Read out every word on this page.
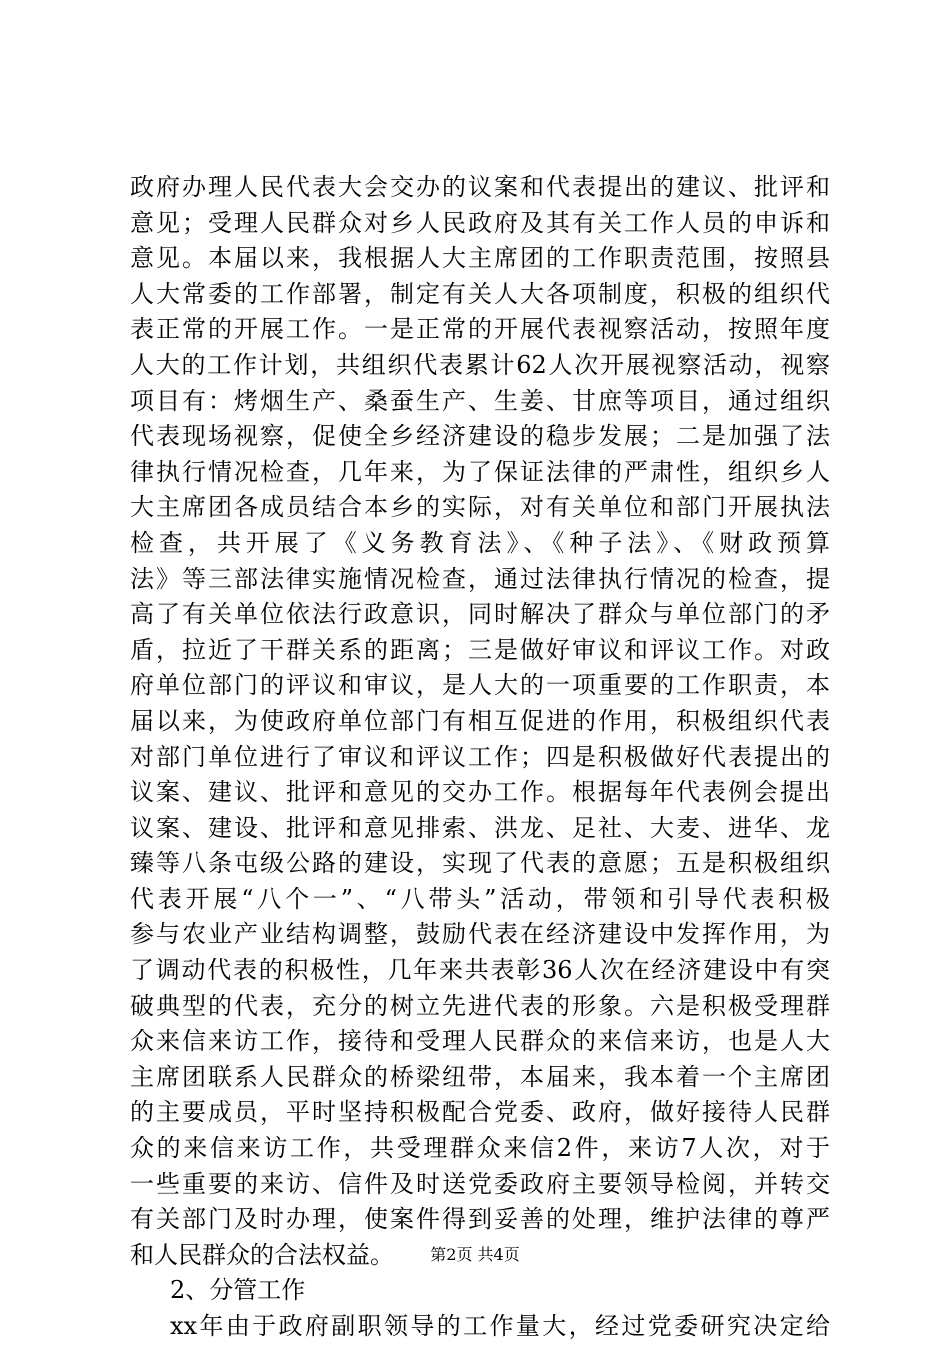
政府办理人民代表大会交办的议案和代表提出的建议、批评和
意见；受理人民群众对乡人民政府及其有关工作人员的申诉和
意见。本届以来，我根据人大主席团的工作职责范围，按照县
人大常委的工作部署，制定有关人大各项制度，积极的组织代
表正常的开展工作。一是正常的开展代表视察活动，按照年度
人大的工作计划，共组织代表累计62人次开展视察活动，视察
项目有：烤烟生产、桑蚕生产、生姜、甘庶等项目，通过组织
代表现场视察，促使全乡经济建设的稳步发展；二是加强了法
律执行情况检查，几年来，为了保证法律的严肃性，组织乡人
大主席团各成员结合本乡的实际，对有关单位和部门开展执法
检查，共开展了《义务教育法》、《种子法》、《财政预算
法》等三部法律实施情况检查，通过法律执行情况的检查，提
高了有关单位依法行政意识，同时解决了群众与单位部门的矛
盾，拉近了干群关系的距离；三是做好审议和评议工作。对政
府单位部门的评议和审议，是人大的一项重要的工作职责，本
届以来，为使政府单位部门有相互促进的作用，积极组织代表
对部门单位进行了审议和评议工作；四是积极做好代表提出的
议案、建议、批评和意见的交办工作。根据每年代表例会提出
议案、建设、批评和意见排索、洪龙、足社、大麦、进华、龙
臻等八条屯级公路的建设，实现了代表的意愿；五是积极组织
代表开展“八个一”、“八带头”活动，带领和引导代表积极
参与农业产业结构调整，鼓励代表在经济建设中发挥作用，为
了调动代表的积极性，几年来共表彰36人次在经济建设中有突
破典型的代表，充分的树立先进代表的形象。六是积极受理群
众来信来访工作，接待和受理人民群众的来信来访，也是人大
主席团联系人民群众的桥梁纽带，本届来，我本着一个主席团
的主要成员，平时坚持积极配合党委、政府，做好接待人民群
众的来信来访工作，共受理群众来信2件，来访7人次，对于
一些重要的来访、信件及时送党委政府主要领导检阅，并转交
有关部门及时办理，使案件得到妥善的处理，维护法律的尊严
和人民群众的合法权益。
2、分管工作
xx年由于政府副职领导的工作量大，经过党委研究决定给
第2页 共4页
